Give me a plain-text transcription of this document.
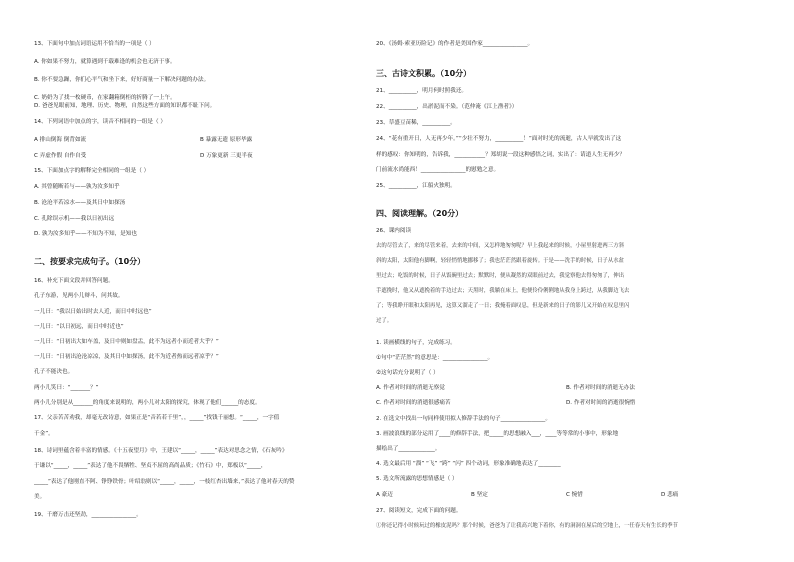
13、下面句中加点词语运用不恰当的一项是（ ）
A. 你如果不努力，就算遇到千载难逢的机会也无济于事。
B. 你不要急躁，你们心平气和坐下来，好好商量一下解决问题的办法。
C. 奶奶为了找一枚硬币，在家翻箱倒柜的折腾了一上午。
D. 爸爸见眼前知，地理、历史、物理，自然这些方面的知识都不耻下问。
14、下列词语中加点的字，读音不相同的一组是（ ）
A 排山倒海 倒背如流	B 暴露无遗 原形毕露
C 弄虚作假 自作自受	D 万象更新 三更半夜
15、下面加点字的解释完全相同的一组是（ ）
A. 其曾随断若与——孰为汝多知乎
B. 沧沧平若凉水——及其日中如探汤
C. 孔除误示机——我以日初出远
D. 孰为汝多知乎——不知为不知，是知也
二、按要求完成句子。（10分）
16、补充下面文段并回答问题。
孔子东游，见两小儿辩斗，问其故。
一儿曰：“我以日始出时去人近，而日中时远也”
一儿曰：“以日初远，而日中时近也”
一儿曰：“日初出大如车盖，及日中则如盘盂，此不为远者小而近者大乎？”
一儿曰：“日初出沧沧凉凉，及其日中如探汤，此不为近者热而远者凉乎？”
孔子不能决也。
两小儿笑曰：“_______？”
两小儿分别是从_______的角度来说明的，两小儿对太阳的探究，体现了他们______的态度。
17、父亲苦苦劝我，却毫无改诗意，如果正是“音若若千里”，，_____”找钱千丽想。“_____，一字值
千金”。
18、诗词里蕴含着丰富的情感。《十五夜望月》中，王建以“_____，_____”表达对思念之情，《石灰吟》
于谦以“_____，_____”表达了他不畏牺牲、坚贞不屈的高尚品质；《竹石》中，郑板以“_____，
_____”表达了他刚直不阿、铮铮铁骨；叶绍翁则以“_____，_____，一枝红杏出墙来，”表达了他对春天的赞
美。
19、千磨万击还坚劲，________________。
20、《汤姆·索亚历险记》的作者是美国作家________________。
三、古诗文积累。（10分）
21、__________，明月何时照我还。
22、__________，出淤泥而不染。（范仲淹《江上渔者》）
23、草盛豆苗稀，__________。
24、“花有重开日，人无再少年。”“少壮不努力，__________！”面对时光的流逝，古人早就发出了这
样的感叹：你知明的，告诉我，___________？郑胡说一段这种感悟之词，实出了：请道人生无再少？
门前流水尚能西！________________的慰勉之意。
25、__________，江船火独明。
四、阅读理解。（20分）
26、课内阅读
去的尽管去了，来的尽管来着，去来的中间，又怎样地匆匆呢？早上我起来的时候，小屋里射进两三方斜
斜的太阳，太阳他有脚啊，轻轻悄悄地挪移了；我也茫茫然跟着旋转。于是——洗手的时候，日子从水盆
里过去；吃饭的时候，日子从饭碗里过去；默默时，便从凝然的双眼前过去，我觉察他去得匆匆了，伸出
手遮挽时，他又从遮挽着的手边过去；天黑时，我躺在床上，他便伶伶俐俐地从我身上跨过，从我脚边飞去
了；等我睁开眼和太阳再见，这算又溜走了一日；我掩着面叹息，但是新来的日子的影儿又开始在叹息里闪
过了。
1. 读画横线的句子，完成练习。
①句中“茫茫然”的意思是：________________。
②这句话充分说明了（ ）
A. 作者对时间的消逝无察觉	B. 作者对时间的消逝无办法
C. 作者对时间的消逝很感痛苦	D. 作者对时间的消逝很惋惜
2. 在选文中找出一句同样使用拟人修辞手法的句子________________。
3. 画波浪线的部分运用了____的修辞手法，把_____的思想融入___，____等等常的小事中，形象地
描绘出了_____________。
4. 选文最后用 “溜” “飞” “跨” “闪” 四个动词，形象准确地表达了________
5. 选文所流露的思想情感是（ ）
A 豪迈	B 坚定	C 惋惜	D 悲痛
27、阅读短文，完成下面的问题。
①你还记得小时候玩过的橡皮泥吗？那个时候，爸爸为了让我高兴地下着你，有的洞洞在屋后的空地上，一任春天有生长的季节
